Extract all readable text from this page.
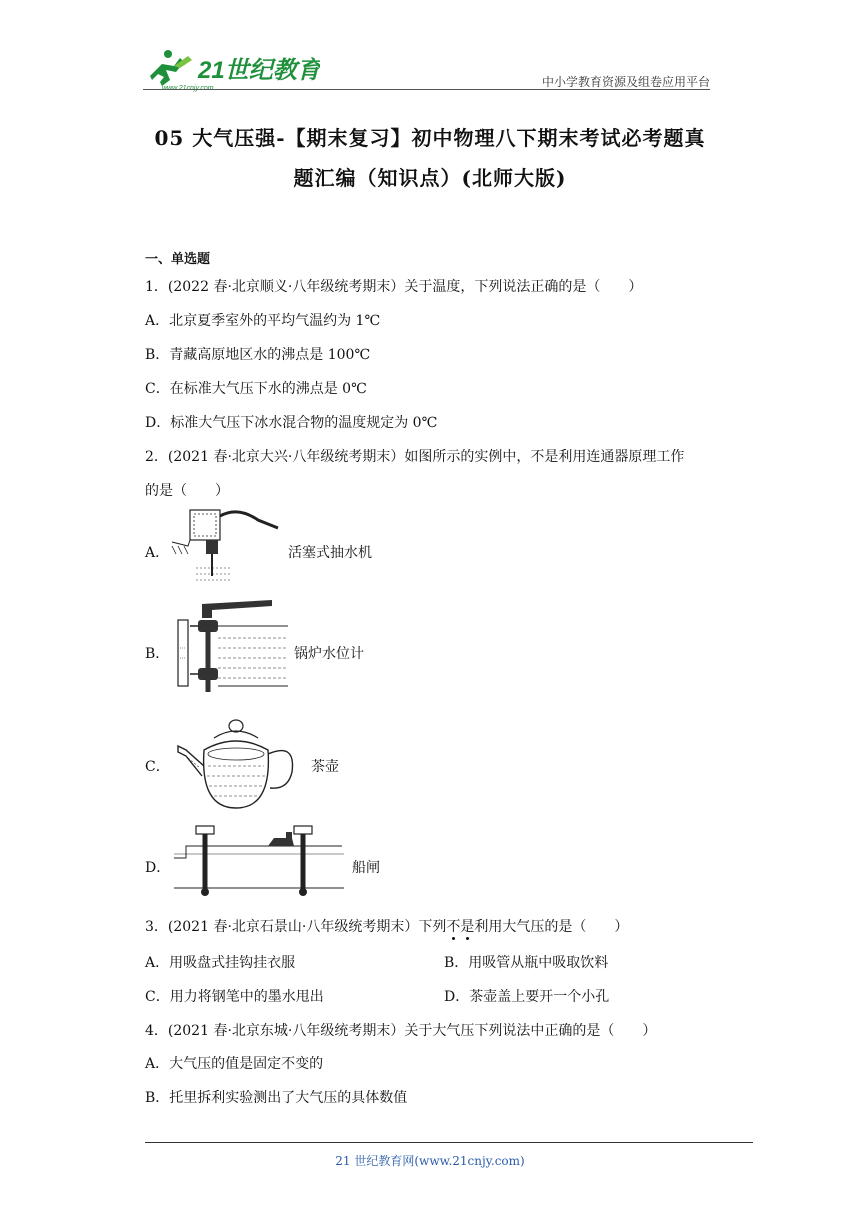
21世纪教育	中小学教育资源及组卷应用平台
05 大气压强-【期末复习】初中物理八下期末考试必考题真
题汇编（知识点）(北师大版)
一、单选题
1．(2022 春·北京顺义·八年级统考期末）关于温度，下列说法正确的是（　　）
A．北京夏季室外的平均气温约为 1℃
B．青藏高原地区水的沸点是 100℃
C．在标准大气压下水的沸点是 0℃
D．标准大气压下冰水混合物的温度规定为 0℃
2．(2021 春·北京大兴·八年级统考期末）如图所示的实例中，不是利用连通器原理工作
的是（　　）
A．	活塞式抽水机
B．	锅炉水位计
C．	茶壶
D．	船闸
3．(2021 春·北京石景山·八年级统考期末）下列不是利用大气压的是（　　）
A．用吸盘式挂钩挂衣服	B．用吸管从瓶中吸取饮料
C．用力将钢笔中的墨水甩出	D．茶壶盖上要开一个小孔
4．(2021 春·北京东城·八年级统考期末）关于大气压下列说法中正确的是（　　）
A．大气压的值是固定不变的
B．托里拆利实验测出了大气压的具体数值
21 世纪教育网(www.21cnjy.com)
